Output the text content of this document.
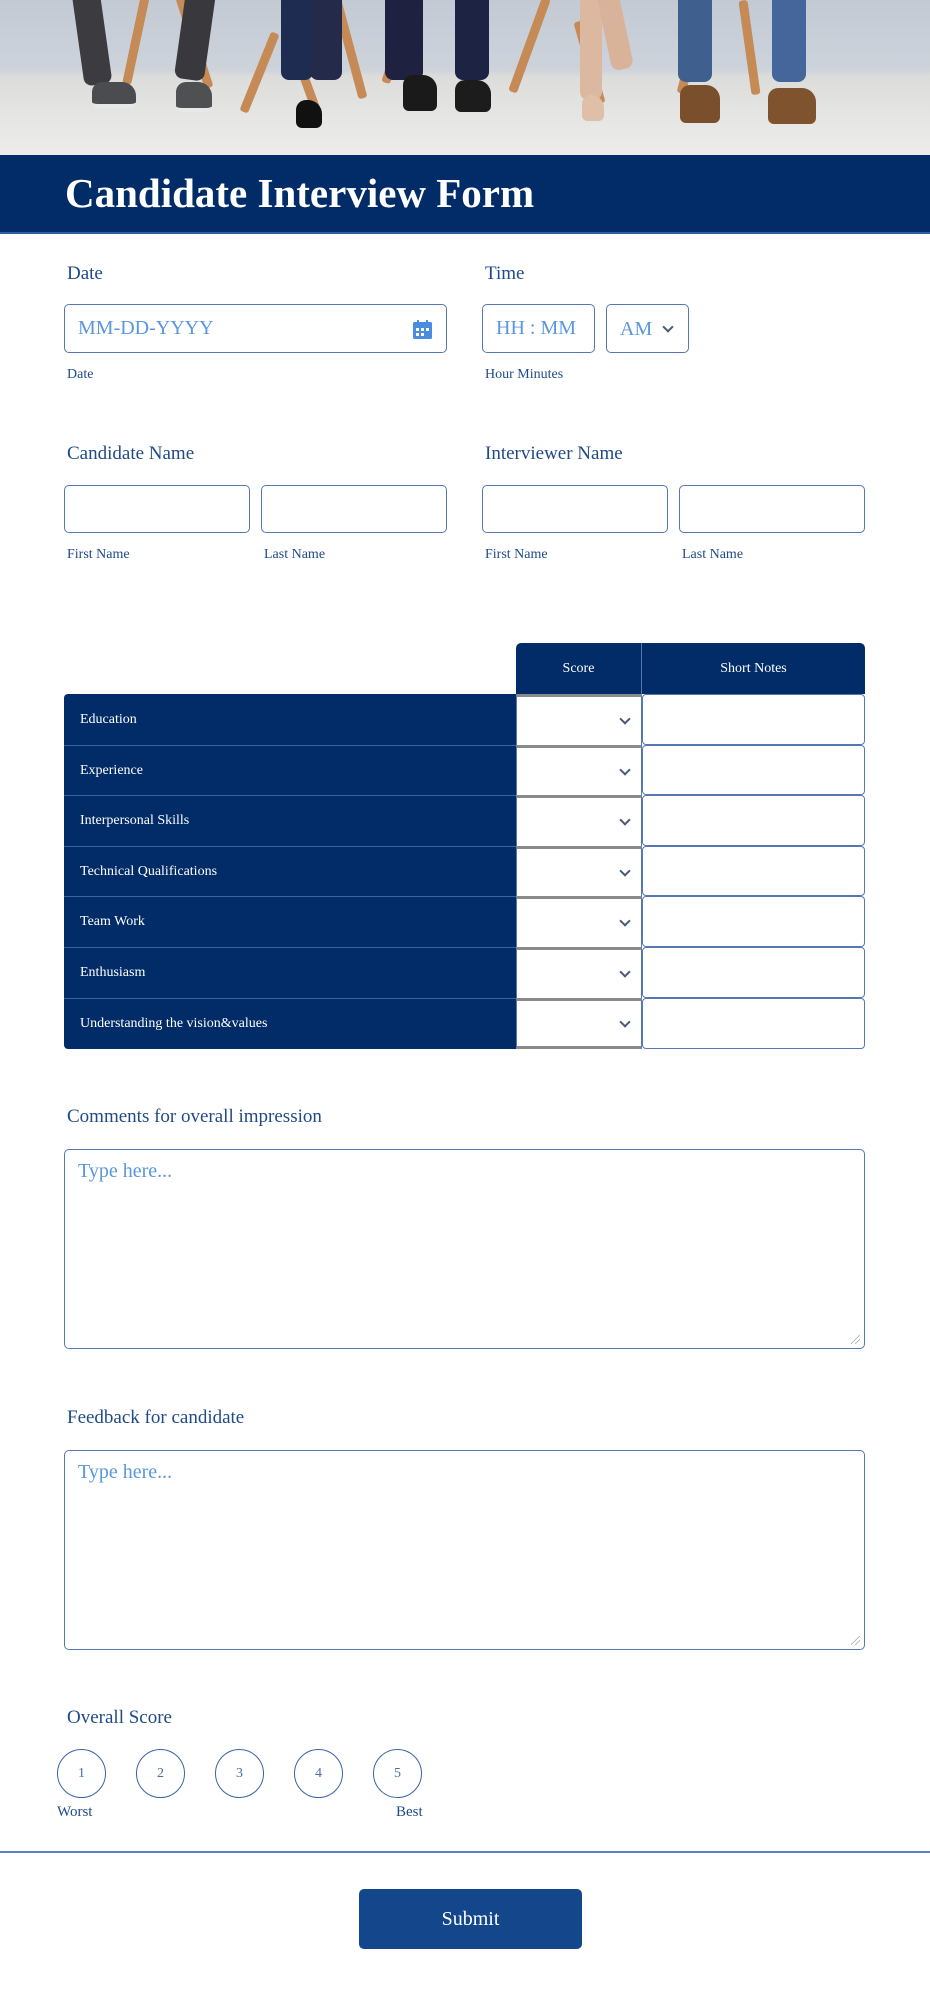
Candidate Interview Form
Date
MM-DD-YYYY
Date
Time
HH : MM AM
Hour Minutes
Candidate Name
First Name	Last Name
Interviewer Name
First Name	Last Name
Score	Short Notes
Education
Experience
Interpersonal Skills
Technical Qualifications
Team Work
Enthusiasm
Understanding the vision&values
Comments for overall impression
Type here...
Feedback for candidate
Type here...
Overall Score
1	2	3	4	5
Worst	Best
Submit
